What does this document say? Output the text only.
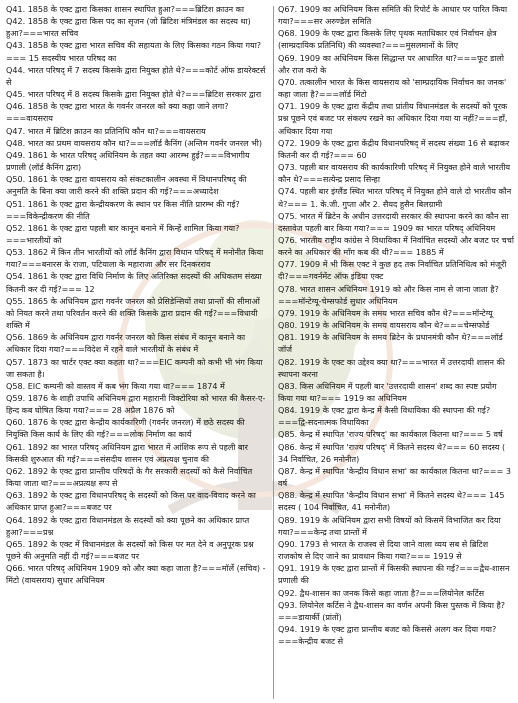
Q41. 1858 के एक्ट द्वारा किसका शासन स्थापित हुआ?===ब्रिटिश क्राउन का

Q42. 1858 के एक्ट द्वारा किस पद का सृजन (जो ब्रिटिश मंत्रिमंडल का सदस्य था) हुआ?===भारत सचिव

Q43. 1858 के एक्ट द्वारा भारत सचिव की सहायता के लिए किसका गठन किया गया?=== 15 सदस्यीय भारत परिषद का

Q44. भारत परिषद् में 7 सदस्य किसके द्वारा नियुक्त होते थे?===कोर्ट ऑफ डायरेक्टर्स से

Q45. भारत परिषद् में 8 सदस्य किसके द्वारा नियुक्त होते थे?===ब्रिटिश सरकार द्वारा

Q46. 1858 के एक्ट द्वारा भारत के गवर्नर जनरल को क्या कहा जाने लगा?===वायसराय

Q47. भारत में ब्रिटिश क्राउन का प्रतिनिधि कौन था?===वायसराय

Q48. भारत का प्रथम वायसराय कौन था?===लॉर्ड कैनिंग (अन्तिम गवर्नर जनरल भी)

Q49. 1861 के भारत परिषद् अधिनियम के तहत क्या आरम्भ हुई?===विभागीय प्रणाली (लॉर्ड कैनिंग द्वारा)

Q50. 1861 के एक्ट द्वारा वायसराय को संकटकालीन अवस्था में विधानपरिषद् की अनुमति के बिना क्या जारी करने की शक्ति प्रदान की गई?===अध्यादेश

Q51. 1861 के एक्ट द्वारा केन्द्रीयकरण के स्थान पर किस नीति प्रारम्भ की गई?===विकेन्द्रीकरण की नीति

Q52. 1861 के एक्ट द्वारा पहली बार कानून बनाने में किन्हें शामिल किया गया?===भारतीयों को

Q53. 1862 में किन तीन भारतीयों को लॉर्ड कैनिंग द्वारा विधान परिषद् में मनोनीत किया गया?===बनारस के राजा, पटियाला के महाराजा और सर दिनकरराव

Q54. 1861 के एक्ट द्वारा विधि निर्माण के लिए अतिरिक्त सदस्यों की अधिकतम संख्या कितनी कर दी गई?=== 12

Q55. 1865 के अधिनियम द्वारा गवर्नर जनरल को प्रेसिडेन्सियों तथा प्रान्तों की सीमाओं को नियत करने तथा परिवर्तन करने की शक्ति किसके द्वारा प्रदान की गई?===विधायी शक्ति में

Q56. 1869 के अधिनियम द्वारा गवर्नर जनरल को किस संबंध में कानून बनाने का अधिकार दिया गया?===विदेश में रहने वाले भारतीयों के संबंध में

Q57. 1873 का चार्टर एक्ट क्या कहता था?===EIC कम्पनी को कभी भी भंग किया जा सकता है।

Q58. EIC कम्पनी को वास्तव में कब भंग किया गया था?=== 1874 में

Q59. 1876 के शाही उपाधि अधिनियम द्वारा महारानी विक्टोरिया को भारत की कैसर-ए-हिन्द कब घोषित किया गया?=== 28 अप्रैल 1876 को

Q60. 1876 के एक्ट द्वारा केन्द्रीय कार्यकारिणी (गवर्नर जनरल) में छठे सदस्य की नियुक्ति किस कार्य के लिए की गई?===लोक निर्माण का कार्य

Q61. 1892 का भारत परिषद् अधिनियम द्वारा भारत में आंशिक रूप से पहली बार किसकी शुरुआत की गई?===संसदीय शासन एवं अप्रत्यक्ष चुनाव की

Q62. 1892 के एक्ट द्वारा प्रान्तीय परिषदों के गैर सरकारी सदस्यों को कैसे निर्वाचित किया जाता था?===अप्रत्यक्ष रूप से

Q63. 1892 के एक्ट द्वारा विधानपरिषद् के सदस्यों को किस पर वाद-विवाद करने का अधिकार प्राप्त हुआ?===बजट पर

Q64. 1892 के एक्ट द्वारा विधानमंडल के सदस्यों को क्या पूछने का अधिकार प्राप्त हुआ?===प्रश्न

Q65. 1892 के एक्ट में विधानमंडल के सदस्यों को किस पर मत देने व अनुपूरक प्रश्न पूछने की अनुमति नहीं दी गई?===बजट पर

Q66. भारत परिषद् अधिनियम 1909 को और क्या कहा जाता है?===मॉर्ले (सचिव) - मिंटो (वायसराय) सुधार अधिनियम

Q67. 1909 का अधिनियम किस समिति की रिपोर्ट के आधार पर पारित किया गया?===सर अरुण्डेल समिति

Q68. 1909 के एक्ट द्वारा किसके लिए पृथक मताधिकार एवं निर्वाचन क्षेत्र (साम्प्रदायिक प्रतिनिधि) की व्यवस्था?===मुसलमानों के लिए

Q69. 1909 का अधिनियम किस सिद्धान्त पर आधारित था?===फूट डालो और राज करो के

Q70. तत्कालीन भारत के किस वायसराय को 'साम्प्रदायिक निर्वाचन का जनक' कहा जाता है?===लॉर्ड मिंटो

Q71. 1909 के एक्ट द्वारा केंद्रीय तथा प्रांतीय विधानमंडल के सदस्यों को पूरक प्रश्न पूछने एवं बजट पर संकल्प रखने का अधिकार दिया गया या नहीं?===हाँ, अधिकार दिया गया

Q72. 1909 के एक्ट द्वारा केंद्रीय विधानपरिषद् में सदस्य संख्या 16 से बढ़ाकर कितनी कर दी गई?=== 60

Q73. पहली बार वायसराय की कार्यकारिणी परिषद् में नियुक्त होने वाले भारतीय कौन थे?===सत्येन्द्र प्रसाद सिन्हा

Q74. पहली बार इंग्लैंड स्थित भारत परिषद् में नियुक्त होने वाले दो भारतीय कौन थे?=== 1. के.जी. गुप्ता और 2. सैयद हुसैन बिलग्रामी

Q75. भारत में ब्रिटेन के अधीन उत्तरदायी सरकार की स्थापना करने का कौन सा दस्तावेज पहली बार किया गया?=== 1909 का भारत परिषद् अधिनियम

Q76. भारतीय राष्ट्रीय कांग्रेस ने विधायिका में निर्वाचित सदस्यों और बजट पर चर्चा करने का अधिकार की माँग कब की थी?=== 1885 में

Q77. 1909 में भी किस एक्ट ने कुछ हद तक निर्वाचित प्रतिनिधित्व को मंजूरी दी?===गवर्नमेंट ऑफ इंडिया एक्ट

Q78. भारत शासन अधिनियम 1919 को और किस नाम से जाना जाता है?===मॉन्टेग्यू-चेम्सफोर्ड सुधार अधिनियम

Q79. 1919 के अधिनियम के समय भारत सचिव कौन थे?===मॉन्टेग्यू

Q80. 1919 के अधिनियम के समय वायसराय कौन थे?===चेम्सफोर्ड

Q81. 1919 के अधिनियम के समय ब्रिटेन के प्रधानमंत्री कौन थे?===लॉर्ड जॉर्ज

Q82. 1919 के एक्ट का उद्देश्य क्या था?===भारत में उत्तरदायी शासन की स्थापना करना

Q83. किस अधिनियम में पहली बार 'उत्तरदायी शासन' शब्द का स्पष्ट प्रयोग किया गया था?=== 1919 का अधिनियम

Q84. 1919 के एक्ट द्वारा केन्द्र में कैसी विधायिका की स्थापना की गई?===द्वि-सदनात्मक विधायिका

Q85. केन्द्र में स्थापित 'राज्य परिषद्' का कार्यकाल कितना था?=== 5 वर्ष

Q86. केन्द्र में स्थापित 'राज्य परिषद्' में कितने सदस्य थे?=== 60 सदस्य ( 34 निर्वाचित, 26 मनोनीत)

Q87. केन्द्र में स्थापित 'केन्द्रीय विधान सभा' का कार्यकाल कितना था?=== 3 वर्ष

Q88. केन्द्र में स्थापित 'केन्द्रीय विधान सभा' में कितने सदस्य थे?=== 145 सदस्य ( 104 निर्वाचित, 41 मनोनीत)

Q89. 1919 के अधिनियम द्वारा सभी विषयों को किसमें विभाजित कर दिया गया?===केन्द्र तथा प्रान्तों में

Q90. 1793 से भारत के राजस्व से दिया जाने वाला व्यय सब से ब्रिटिश राजकोष से दिए जाने का प्रावधान किया गया?=== 1919 से

Q91. 1919 के एक्ट द्वारा प्रान्तों में किसकी स्थापना की गई?===द्वैध-शासन प्रणाली की

Q92. द्वैध-शासन का जनक किसे कहा जाता है?===लियोनेल कर्टिस

Q93. लियोनेल कर्टिस ने द्वैध-शासन का वर्णन अपनी किस पुस्तक में किया है?===डायार्की (प्रांतों)

Q94. 1919 के एक्ट द्वारा प्रान्तीय बजट को किससे अलग कर दिया गया?===केन्द्रीय बजट से
